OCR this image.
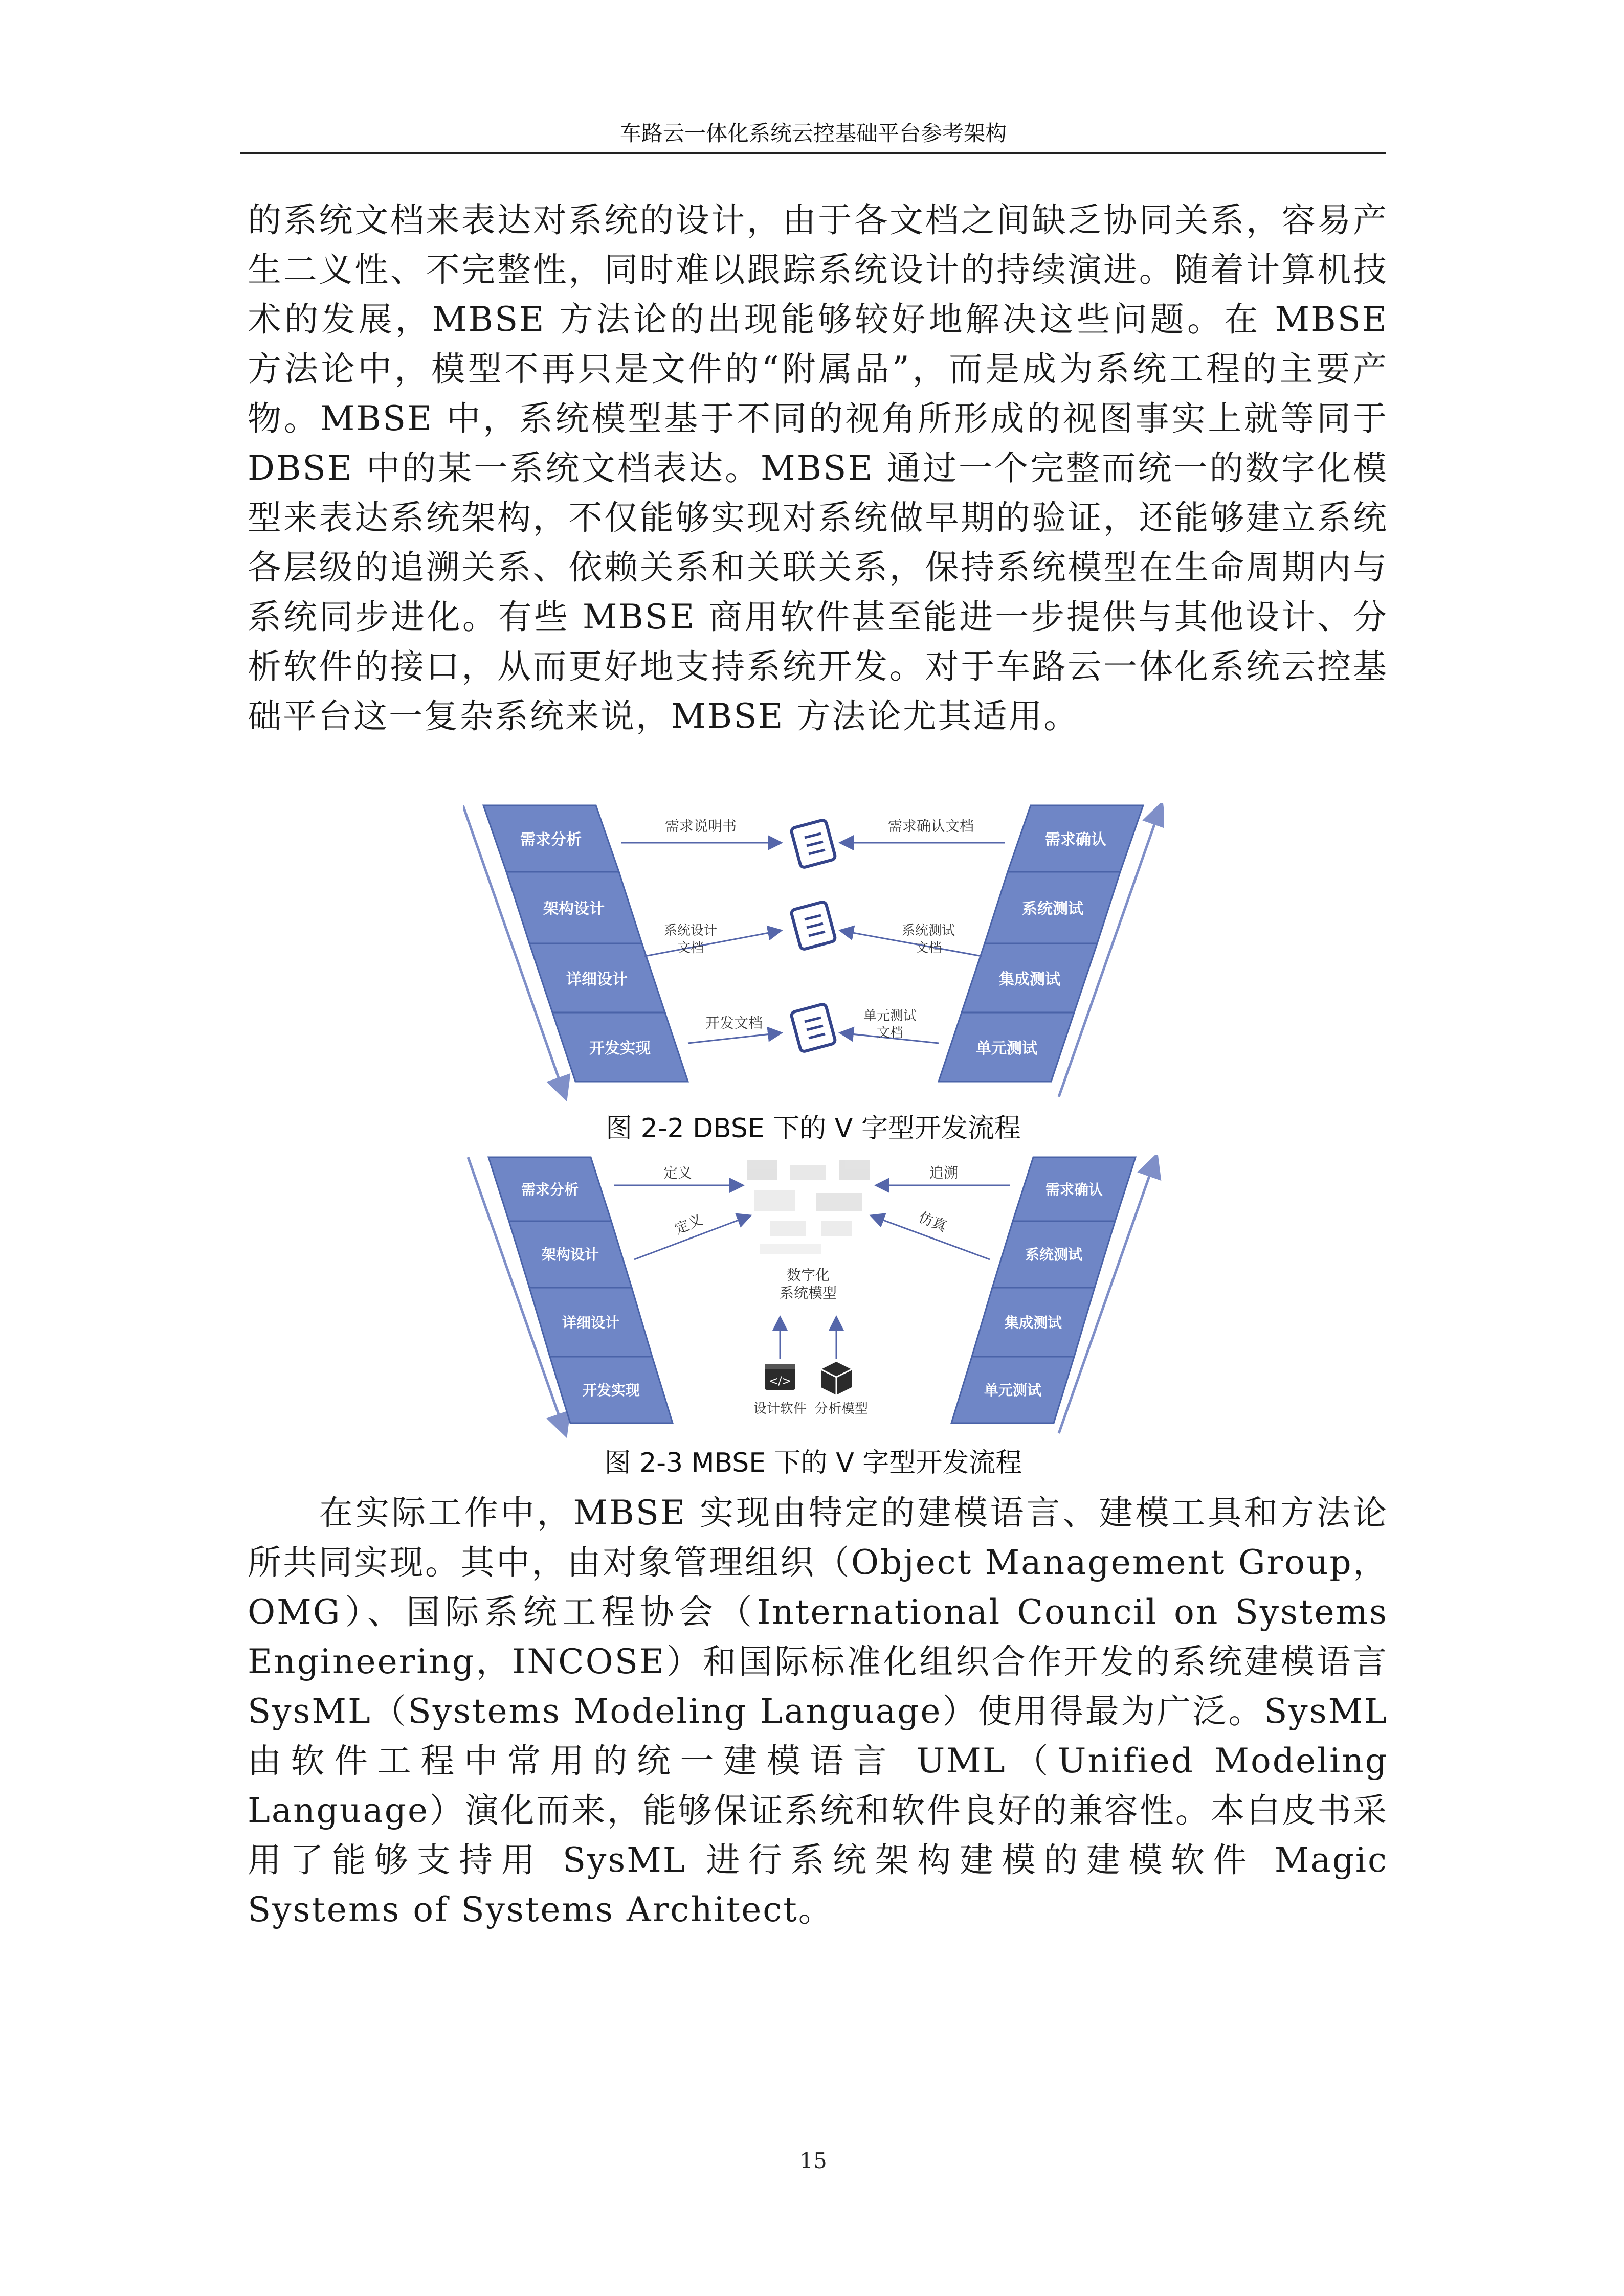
车路云一体化系统云控基础平台参考架构

的系统文档来表达对系统的设计，由于各文档之间缺乏协同关系，容易产生二义性、不完整性，同时难以跟踪系统设计的持续演进。随着计算机技术的发展，MBSE 方法论的出现能够较好地解决这些问题。在 MBSE 方法论中，模型不再只是文件的“附属品”，而是成为系统工程的主要产物。MBSE 中，系统模型基于不同的视角所形成的视图事实上就等同于 DBSE 中的某一系统文档表达。MBSE 通过一个完整而统一的数字化模型来表达系统架构，不仅能够实现对系统做早期的验证，还能够建立系统各层级的追溯关系、依赖关系和关联关系，保持系统模型在生命周期内与系统同步进化。有些 MBSE 商用软件甚至能进一步提供与其他设计、分析软件的接口，从而更好地支持系统开发。对于车路云一体化系统云控基础平台这一复杂系统来说，MBSE 方法论尤其适用。

需求分析
架构设计
详细设计
开发实现
需求确认
系统测试
集成测试
单元测试
需求说明书
系统设计
文档
开发文档
需求确认文档
系统测试
文档
单元测试
文档
图 2-2 DBSE 下的 V 字型开发流程
需求分析
架构设计
详细设计
开发实现
需求确认
系统测试
集成测试
单元测试
定义
定义
追溯
仿真
数字化
系统模型
</>
设计软件 分析模型
图 2-3 MBSE 下的 V 字型开发流程

在实际工作中，MBSE 实现由特定的建模语言、建模工具和方法论所共同实现。其中，由对象管理组织（Object Management Group，OMG）、国际系统工程协会（International Council on Systems Engineering，INCOSE）和国际标准化组织合作开发的系统建模语言 SysML（Systems Modeling Language）使用得最为广泛。SysML 由软件工程中常用的统一建模语言 UML（Unified Modeling Language）演化而来，能够保证系统和软件良好的兼容性。本白皮书采用了能够支持用 SysML 进行系统架构建模的建模软件 Magic Systems of Systems Architect。

15
